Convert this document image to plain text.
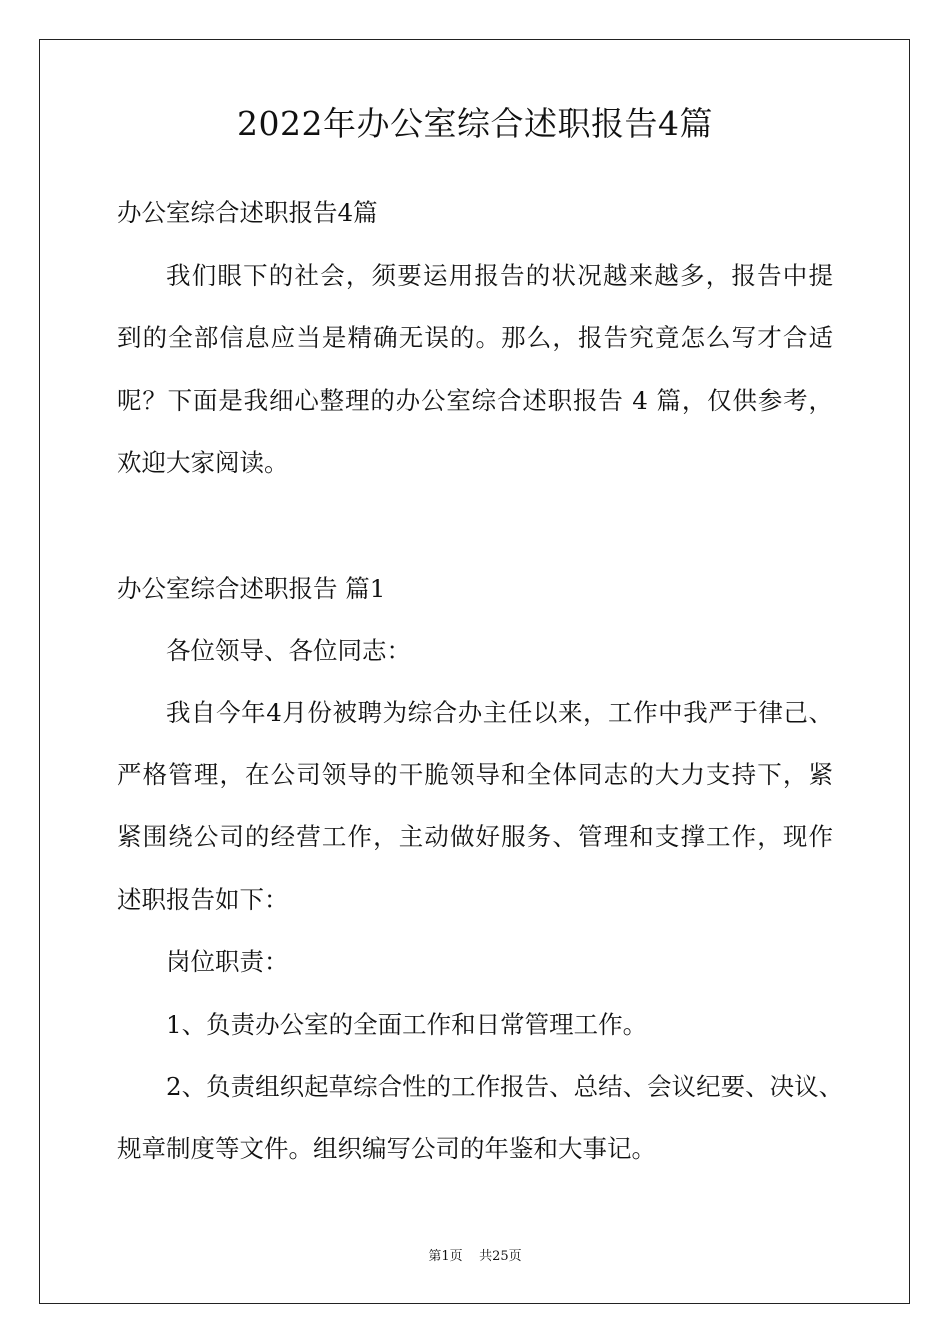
2022年办公室综合述职报告4篇
办公室综合述职报告4篇
我们眼下的社会，须要运用报告的状况越来越多，报告中提
到的全部信息应当是精确无误的。那么，报告究竟怎么写才合适
呢？下面是我细心整理的办公室综合述职报告 4 篇，仅供参考，
欢迎大家阅读。
办公室综合述职报告 篇1
各位领导、各位同志：
我自今年4月份被聘为综合办主任以来，工作中我严于律己、
严格管理，在公司领导的干脆领导和全体同志的大力支持下，紧
紧围绕公司的经营工作，主动做好服务、管理和支撑工作，现作
述职报告如下：
岗位职责：
1、负责办公室的全面工作和日常管理工作。
2、负责组织起草综合性的工作报告、总结、会议纪要、决议、
规章制度等文件。组织编写公司的年鉴和大事记。
第1页    共25页
